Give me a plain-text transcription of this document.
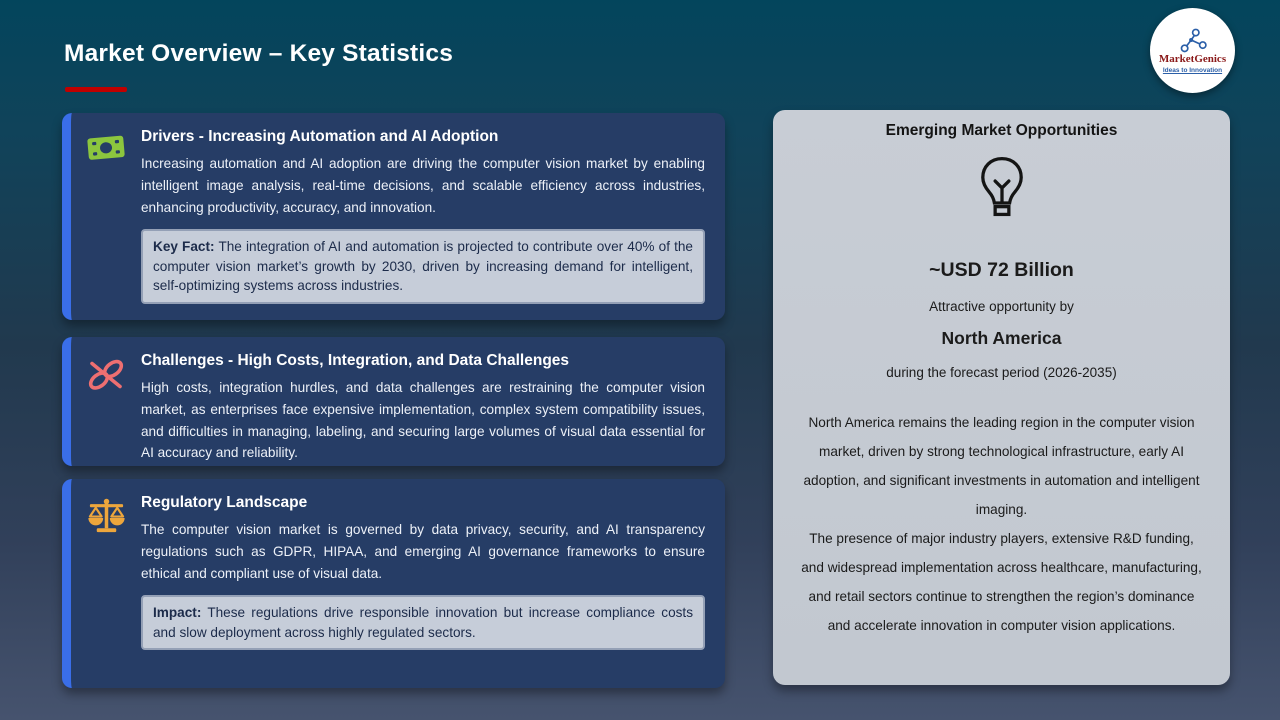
Market Overview – Key Statistics	MarketGenics
Ideas to Innovation
Drivers - Increasing Automation and AI Adoption

Increasing automation and AI adoption are driving the computer vision market by enabling intelligent image analysis, real-time decisions, and scalable efficiency across industries, enhancing productivity, accuracy, and innovation.

Key Fact: The integration of AI and automation is projected to contribute over 40% of the computer vision market’s growth by 2030, driven by increasing demand for intelligent, self-optimizing systems across industries.
Challenges - High Costs, Integration, and Data Challenges

High costs, integration hurdles, and data challenges are restraining the computer vision market, as enterprises face expensive implementation, complex system compatibility issues, and difficulties in managing, labeling, and securing large volumes of visual data essential for AI accuracy and reliability.

Regulatory Landscape

The computer vision market is governed by data privacy, security, and AI transparency regulations such as GDPR, HIPAA, and emerging AI governance frameworks to ensure ethical and compliant use of visual data.

Impact: These regulations drive responsible innovation but increase compliance costs and slow deployment across highly regulated sectors.
Emerging Market Opportunities
~USD 72 Billion
Attractive opportunity by
North America
during the forecast period (2026-2035)

North America remains the leading region in the computer vision market, driven by strong technological infrastructure, early AI adoption, and significant investments in automation and intelligent imaging.

The presence of major industry players, extensive R&D funding, and widespread implementation across healthcare, manufacturing, and retail sectors continue to strengthen the region’s dominance and accelerate innovation in computer vision applications.
